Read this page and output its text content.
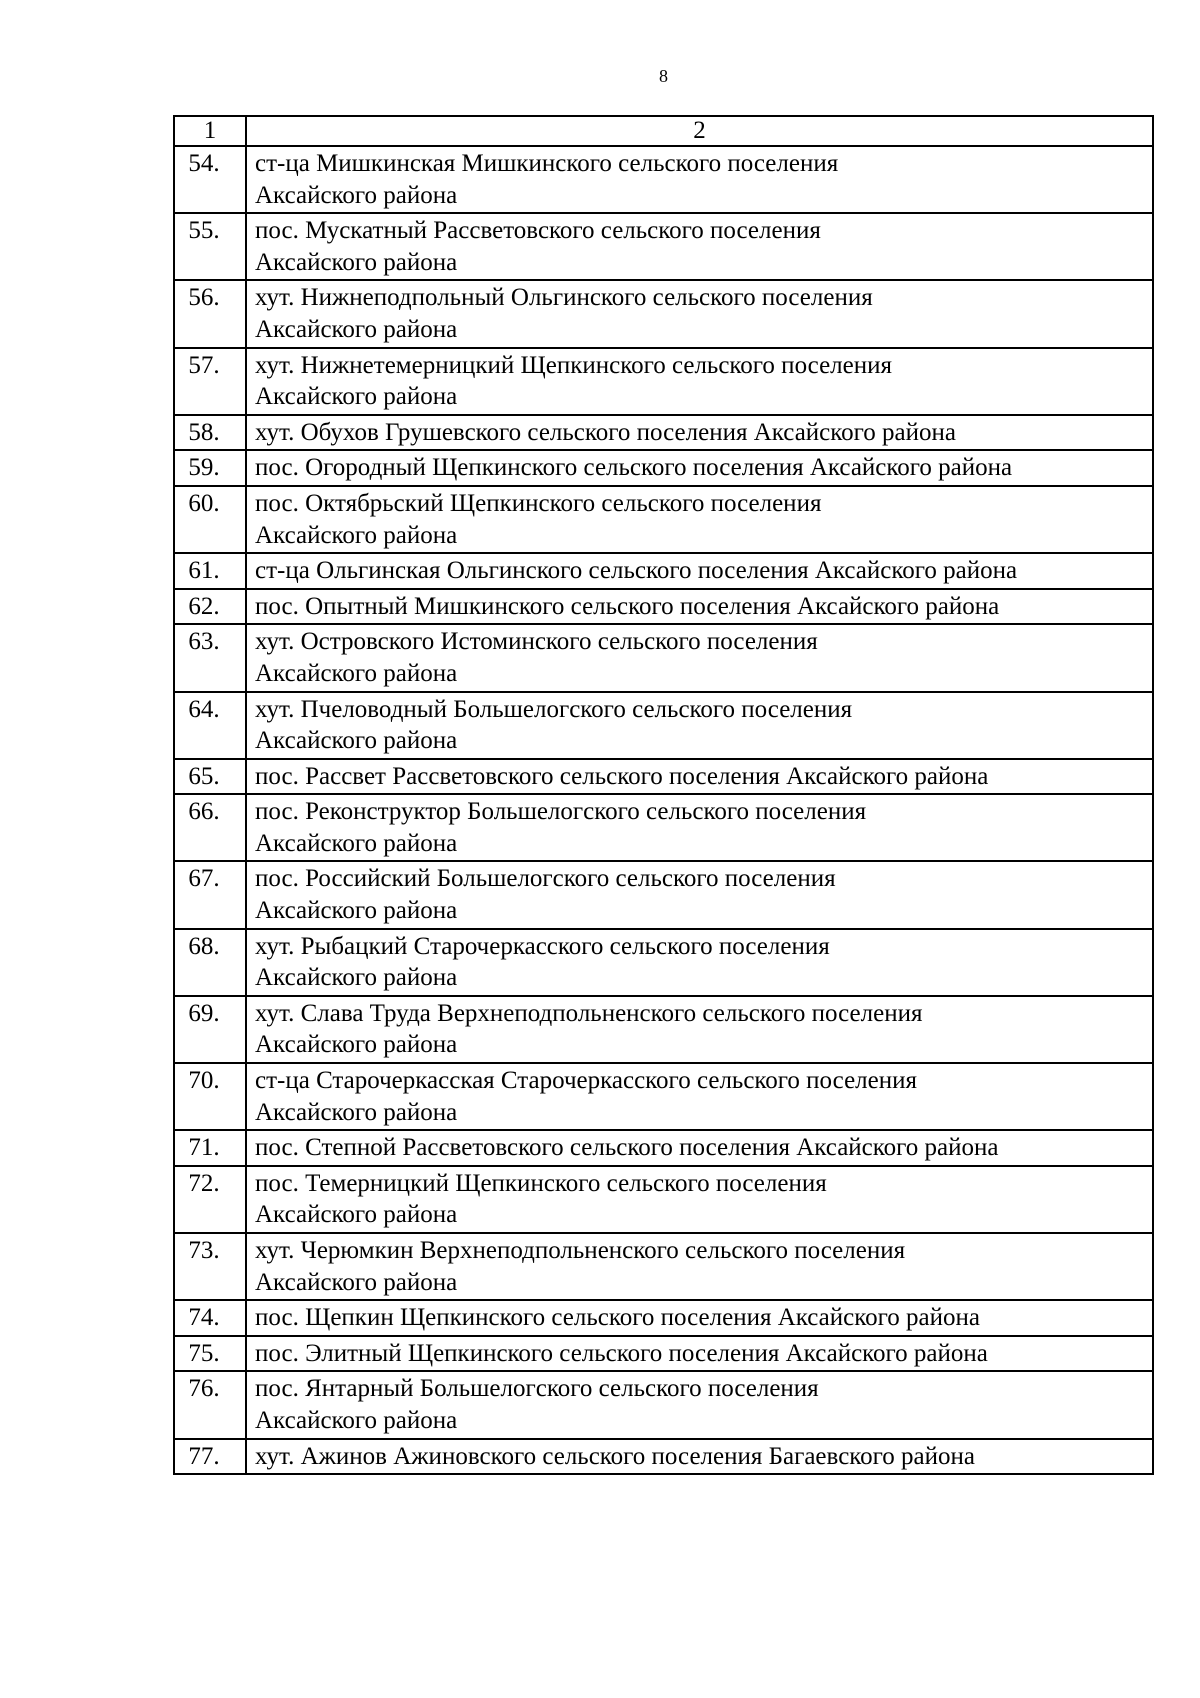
8
1	2
54.	ст-ца Мишкинская Мишкинского сельского поселения
Аксайского района
55.	пос. Мускатный Рассветовского сельского поселения
Аксайского района
56.	хут. Нижнеподпольный Ольгинского сельского поселения
Аксайского района
57.	хут. Нижнетемерницкий Щепкинского сельского поселения
Аксайского района
58.	хут. Обухов Грушевского сельского поселения Аксайского района
59.	пос. Огородный Щепкинского сельского поселения Аксайского района
60.	пос. Октябрьский Щепкинского сельского поселения
Аксайского района
61.	ст-ца Ольгинская Ольгинского сельского поселения Аксайского района
62.	пос. Опытный Мишкинского сельского поселения Аксайского района
63.	хут. Островского Истоминского сельского поселения
Аксайского района
64.	хут. Пчеловодный Большелогского сельского поселения
Аксайского района
65.	пос. Рассвет Рассветовского сельского поселения Аксайского района
66.	пос. Реконструктор Большелогского сельского поселения
Аксайского района
67.	пос. Российский Большелогского сельского поселения
Аксайского района
68.	хут. Рыбацкий Старочеркасского сельского поселения
Аксайского района
69.	хут. Слава Труда Верхнеподпольненского сельского поселения
Аксайского района
70.	ст-ца Старочеркасская Старочеркасского сельского поселения
Аксайского района
71.	пос. Степной Рассветовского сельского поселения Аксайского района
72.	пос. Темерницкий Щепкинского сельского поселения
Аксайского района
73.	хут. Черюмкин Верхнеподпольненского сельского поселения
Аксайского района
74.	пос. Щепкин Щепкинского сельского поселения Аксайского района
75.	пос. Элитный Щепкинского сельского поселения Аксайского района
76.	пос. Янтарный Большелогского сельского поселения
Аксайского района
77.	хут. Ажинов Ажиновского сельского поселения Багаевского района
